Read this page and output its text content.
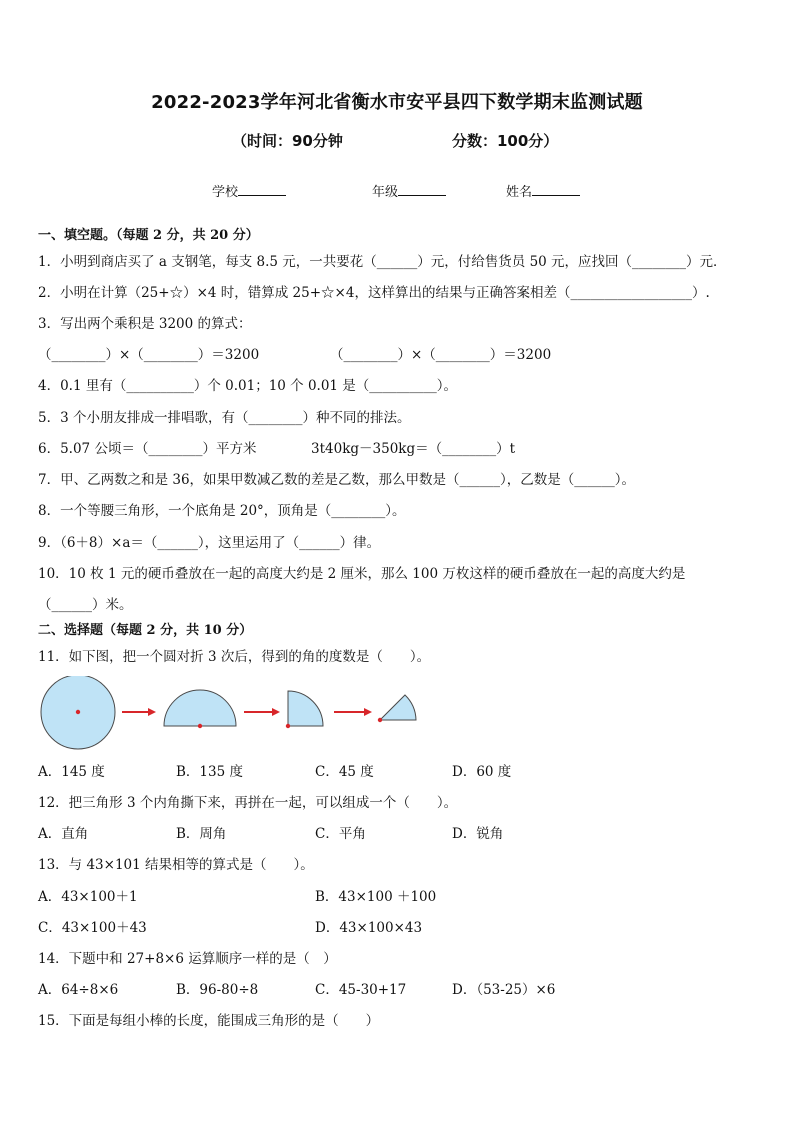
2022-2023学年河北省衡水市安平县四下数学期末监测试题
（时间：90分钟	分数：100分）
学校	年级	姓名
一、填空题。（每题 2 分，共 20 分）
1．小明到商店买了 a 支钢笔，每支 8.5 元，一共要花（______）元，付给售货员 50 元，应找回（________）元．
2．小明在计算（25+☆）×4 时，错算成 25+☆×4，这样算出的结果与正确答案相差（__________________）.
3．写出两个乘积是 3200 的算式：
（________）×（________）＝3200	（________）×（________）＝3200
4．0.1 里有（__________）个 0.01；10 个 0.01 是（__________）。
5．3 个小朋友排成一排唱歌，有（________）种不同的排法。
6．5.07 公顷＝（________）平方米	3t40kg－350kg＝（________）t
7．甲、乙两数之和是 36，如果甲数减乙数的差是乙数，那么甲数是（______），乙数是（______）。
8．一个等腰三角形，一个底角是 20°，顶角是（________）。
9．（6＋8）×a＝（______），这里运用了（______）律。
10．10 枚 1 元的硬币叠放在一起的高度大约是 2 厘米，那么 100 万枚这样的硬币叠放在一起的高度大约是
（______）米。
二、选择题（每题 2 分，共 10 分）
11．如下图，把一个圆对折 3 次后，得到的角的度数是（　　）。
A．145 度	B．135 度	C．45 度	D．60 度
12．把三角形 3 个内角撕下来，再拼在一起，可以组成一个（　　）。
A．直角	B．周角	C．平角	D．锐角
13．与 43×101 结果相等的算式是（　　）。
A．43×100＋1	B．43×100 ＋100
C．43×100＋43	D．43×100×43
14．下题中和 27+8×6 运算顺序一样的是（　）
A．64÷8×6	B．96-80÷8	C．45-30+17	D．（53-25）×6
15．下面是每组小棒的长度，能围成三角形的是（　　）
